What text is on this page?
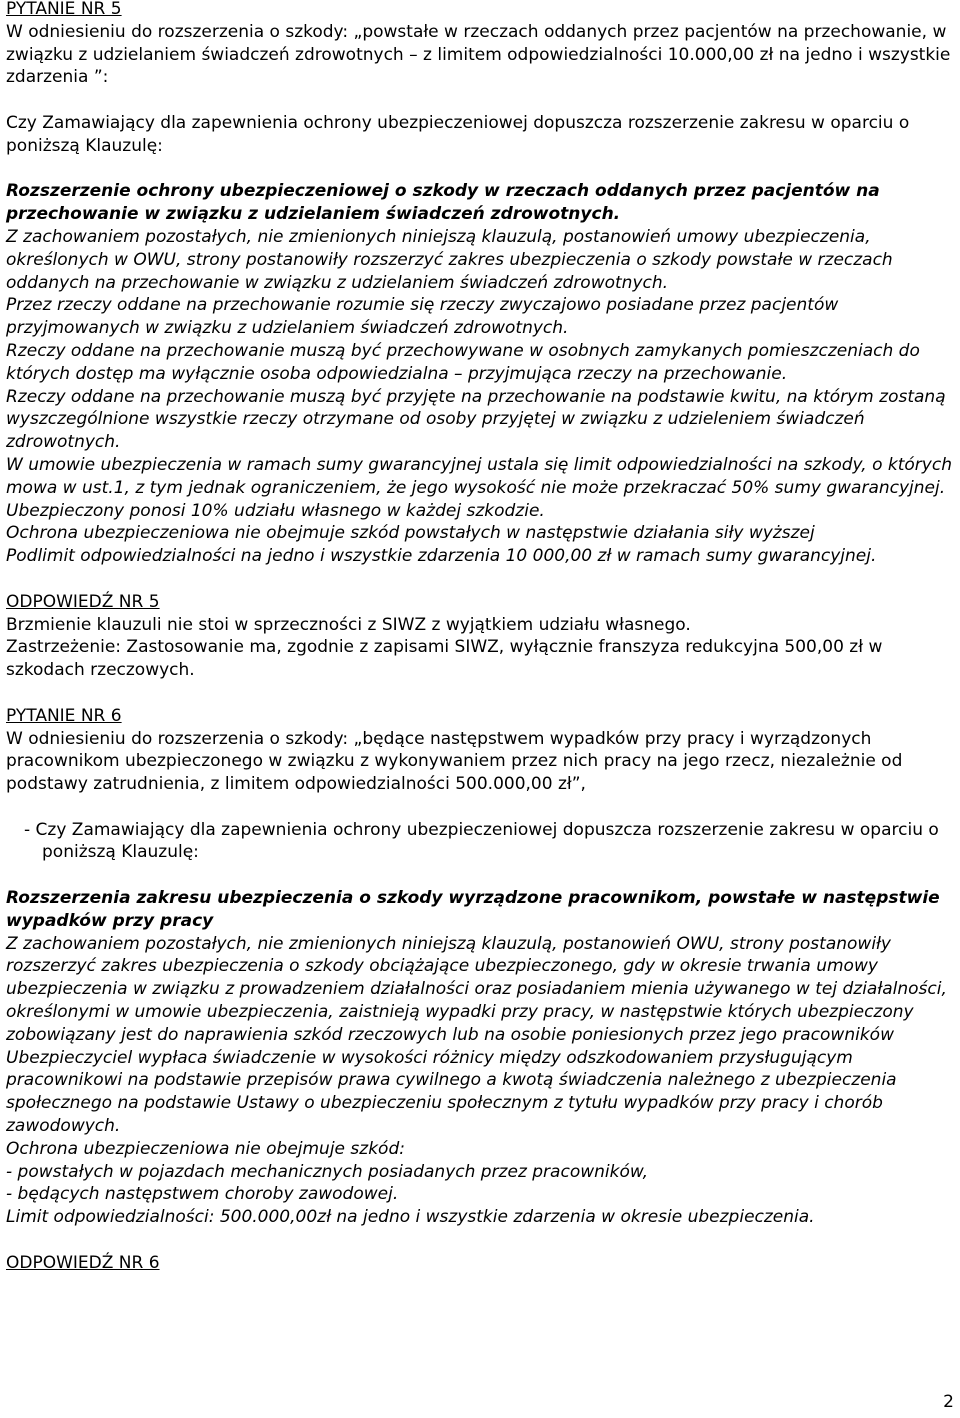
PYTANIE NR 5

W odniesieniu do rozszerzenia o szkody: „powstałe w rzeczach oddanych przez pacjentów na przechowanie, w związku z udzielaniem świadczeń zdrowotnych – z limitem odpowiedzialności 10.000,00 zł na jedno i wszystkie zdarzenia ”:

Czy Zamawiający dla zapewnienia ochrony ubezpieczeniowej dopuszcza rozszerzenie zakresu w oparciu o poniższą Klauzulę:

Rozszerzenie ochrony ubezpieczeniowej o szkody w rzeczach oddanych przez pacjentów na przechowanie w związku z udzielaniem świadczeń zdrowotnych.

Z zachowaniem pozostałych, nie zmienionych niniejszą klauzulą, postanowień umowy ubezpieczenia, określonych w OWU, strony postanowiły rozszerzyć zakres ubezpieczenia o szkody powstałe w rzeczach oddanych na przechowanie w związku z udzielaniem świadczeń zdrowotnych.

Przez rzeczy oddane na przechowanie rozumie się rzeczy zwyczajowo posiadane przez pacjentów przyjmowanych w związku z udzielaniem świadczeń zdrowotnych.

Rzeczy oddane na przechowanie muszą być przechowywane w osobnych zamykanych pomieszczeniach do których dostęp ma wyłącznie osoba odpowiedzialna – przyjmująca rzeczy na przechowanie.

Rzeczy oddane na przechowanie muszą być przyjęte na przechowanie na podstawie kwitu, na którym zostaną wyszczególnione wszystkie rzeczy otrzymane od osoby przyjętej w związku z udzieleniem świadczeń zdrowotnych.

W umowie ubezpieczenia w ramach sumy gwarancyjnej ustala się limit odpowiedzialności na szkody, o których mowa w ust.1, z tym jednak ograniczeniem, że jego wysokość nie może przekraczać 50% sumy gwarancyjnej.

Ubezpieczony ponosi 10% udziału własnego w każdej szkodzie.

Ochrona ubezpieczeniowa nie obejmuje szkód powstałych w następstwie działania siły wyższej

Podlimit odpowiedzialności na jedno i wszystkie zdarzenia 10 000,00 zł w ramach sumy gwarancyjnej.

ODPOWIEDŹ NR 5

Brzmienie klauzuli nie stoi w sprzeczności z SIWZ z wyjątkiem udziału własnego.

Zastrzeżenie: Zastosowanie ma, zgodnie z zapisami SIWZ, wyłącznie franszyza redukcyjna 500,00 zł w szkodach rzeczowych.

PYTANIE NR 6

W odniesieniu do rozszerzenia o szkody: „będące następstwem wypadków przy pracy i wyrządzonych pracownikom ubezpieczonego w związku z wykonywaniem przez nich pracy na jego rzecz, niezależnie od podstawy zatrudnienia, z limitem odpowiedzialności 500.000,00 zł”,

- Czy Zamawiający dla zapewnienia ochrony ubezpieczeniowej dopuszcza rozszerzenie zakresu w oparciu o poniższą Klauzulę:

Rozszerzenia zakresu ubezpieczenia o szkody wyrządzone pracownikom, powstałe w następstwie wypadków przy pracy

Z zachowaniem pozostałych, nie zmienionych niniejszą klauzulą, postanowień OWU, strony postanowiły rozszerzyć zakres ubezpieczenia o szkody obciążające ubezpieczonego, gdy w okresie trwania umowy ubezpieczenia w związku z prowadzeniem działalności oraz posiadaniem mienia używanego w tej działalności, określonymi w umowie ubezpieczenia, zaistnieją wypadki przy pracy, w następstwie których ubezpieczony zobowiązany jest do naprawienia szkód rzeczowych lub na osobie poniesionych przez jego pracowników

Ubezpieczyciel wypłaca świadczenie w wysokości różnicy między odszkodowaniem przysługującym pracownikowi na podstawie przepisów prawa cywilnego a kwotą świadczenia należnego z ubezpieczenia społecznego na podstawie Ustawy o ubezpieczeniu społecznym z tytułu wypadków przy pracy i chorób zawodowych.

Ochrona ubezpieczeniowa nie obejmuje szkód:

- powstałych w pojazdach mechanicznych posiadanych przez pracowników,

- będących następstwem choroby zawodowej.

Limit odpowiedzialności: 500.000,00zł na jedno i wszystkie zdarzenia w okresie ubezpieczenia.

ODPOWIEDŹ NR 6

2
